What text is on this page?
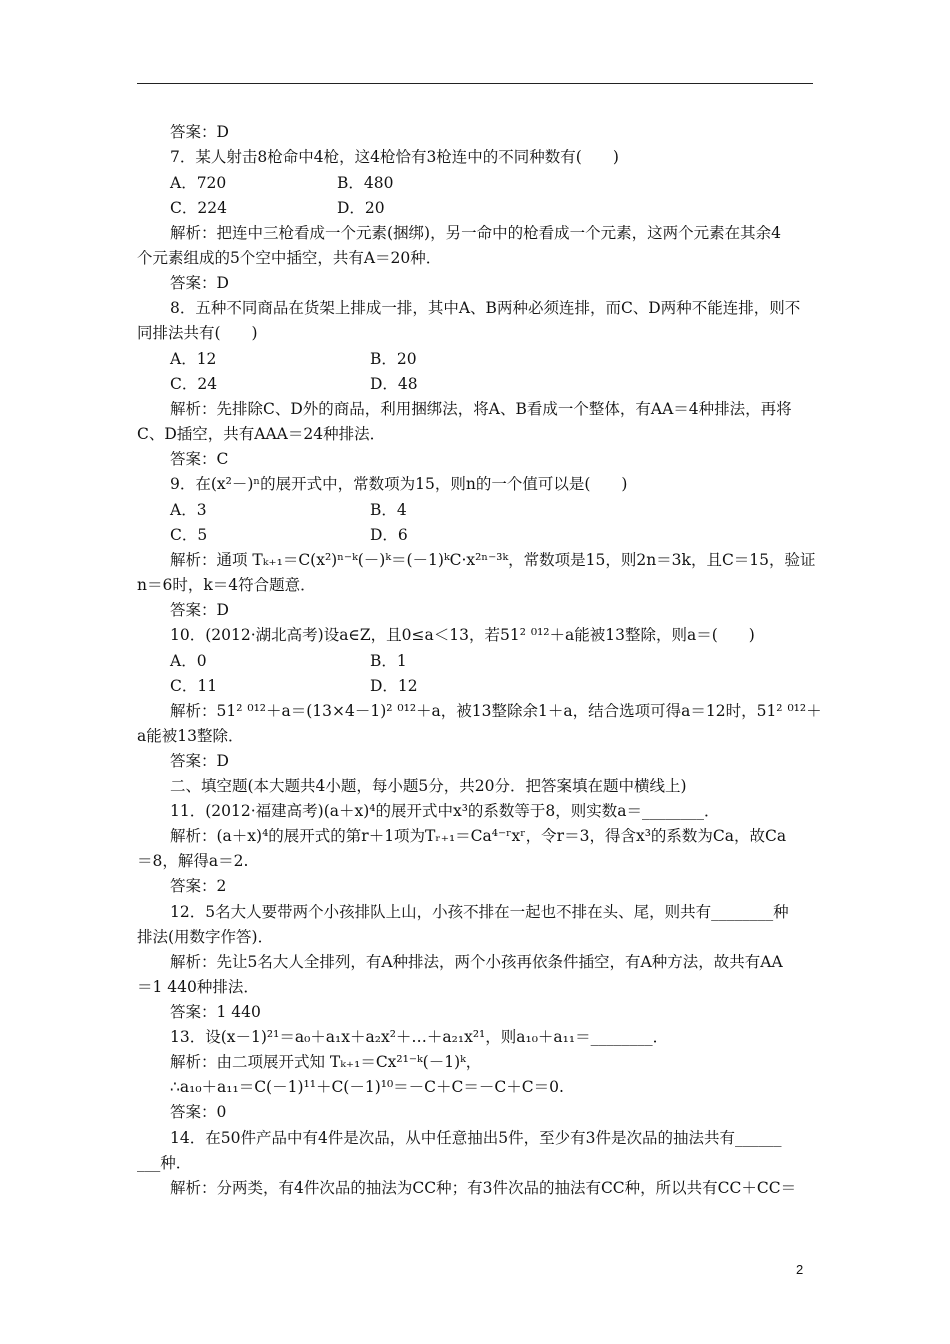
答案：D
7．某人射击8枪命中4枪，这4枪恰有3枪连中的不同种数有(　　)
A．720	B．480
C．224	D．20
解析：把连中三枪看成一个元素(捆绑)，另一命中的枪看成一个元素，这两个元素在其余4
个元素组成的5个空中插空，共有A＝20种．
答案：D
8．五种不同商品在货架上排成一排，其中A、B两种必须连排，而C、D两种不能连排，则不
同排法共有(　　)
A．12	B．20
C．24	D．48
解析：先排除C、D外的商品，利用捆绑法，将A、B看成一个整体，有AA＝4种排法，再将
C、D插空，共有AAA＝24种排法．
答案：C
9．在(x²－)ⁿ的展开式中，常数项为15，则n的一个值可以是(　　)
A．3	B．4
C．5	D．6
解析：通项 Tₖ₊₁＝C(x²)ⁿ⁻ᵏ(－)ᵏ＝(－1)ᵏC·x²ⁿ⁻³ᵏ，常数项是15，则2n＝3k，且C＝15，验证
n＝6时，k＝4符合题意．
答案：D
10．(2012·湖北高考)设a∈Z，且0≤a＜13，若51² ⁰¹²＋a能被13整除，则a＝(　　)
A．0	B．1
C．11	D．12
解析：51² ⁰¹²＋a＝(13×4－1)² ⁰¹²＋a，被13整除余1＋a，结合选项可得a＝12时，51² ⁰¹²＋
a能被13整除．
答案：D
二、填空题(本大题共4小题，每小题5分，共20分．把答案填在题中横线上)
11．(2012·福建高考)(a＋x)⁴的展开式中x³的系数等于8，则实数a＝________．
解析：(a＋x)⁴的展开式的第r＋1项为Tᵣ₊₁＝Ca⁴⁻ʳxʳ，令r＝3，得含x³的系数为Ca，故Ca
＝8，解得a＝2.
答案：2
12．5名大人要带两个小孩排队上山，小孩不排在一起也不排在头、尾，则共有________种
排法(用数字作答)．
解析：先让5名大人全排列，有A种排法，两个小孩再依条件插空，有A种方法，故共有AA
＝1 440种排法．
答案：1 440
13．设(x－1)²¹＝a₀＋a₁x＋a₂x²＋…＋a₂₁x²¹，则a₁₀＋a₁₁＝________．
解析：由二项展开式知 Tₖ₊₁＝Cx²¹⁻ᵏ(－1)ᵏ，
∴a₁₀＋a₁₁＝C(－1)¹¹＋C(－1)¹⁰＝－C＋C＝－C＋C＝0.
答案：0
14．在50件产品中有4件是次品，从中任意抽出5件，至少有3件是次品的抽法共有______
___种．
解析：分两类，有4件次品的抽法为CC种；有3件次品的抽法有CC种，所以共有CC＋CC＝
2
